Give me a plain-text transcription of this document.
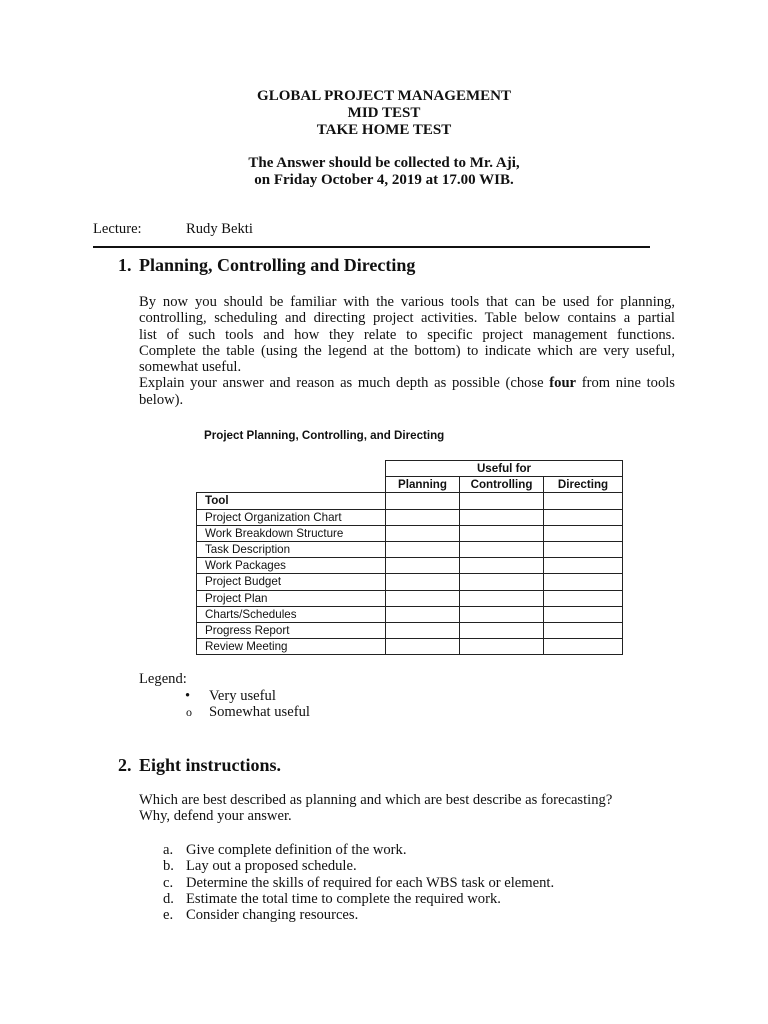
GLOBAL PROJECT MANAGEMENT
MID TEST
TAKE HOME TEST
The Answer should be collected to Mr. Aji,
on Friday October 4, 2019 at 17.00 WIB.
Lecture:	Rudy Bekti
1. Planning, Controlling and Directing
By now you should be familiar with the various tools that can be used for planning,
controlling, scheduling and directing project activities. Table below contains a partial
list of such tools and how they relate to specific project management functions.
Complete the table (using the legend at the bottom) to indicate which are very useful,
somewhat useful.
Explain your answer and reason as much depth as possible (chose four from nine tools
below).
Project Planning, Controlling, and Directing
	Useful for		
	Planning	Controlling	Directing
Tool			
Project Organization Chart			
Work Breakdown Structure			
Task Description			
Work Packages			
Project Budget			
Project Plan			
Charts/Schedules			
Progress Report			
Review Meeting			
Legend:
• Very useful
o Somewhat useful
2. Eight instructions.
Which are best described as planning and which are best describe as forecasting?
Why, defend your answer.
a. Give complete definition of the work.
b. Lay out a proposed schedule.
c. Determine the skills of required for each WBS task or element.
d. Estimate the total time to complete the required work.
e. Consider changing resources.
